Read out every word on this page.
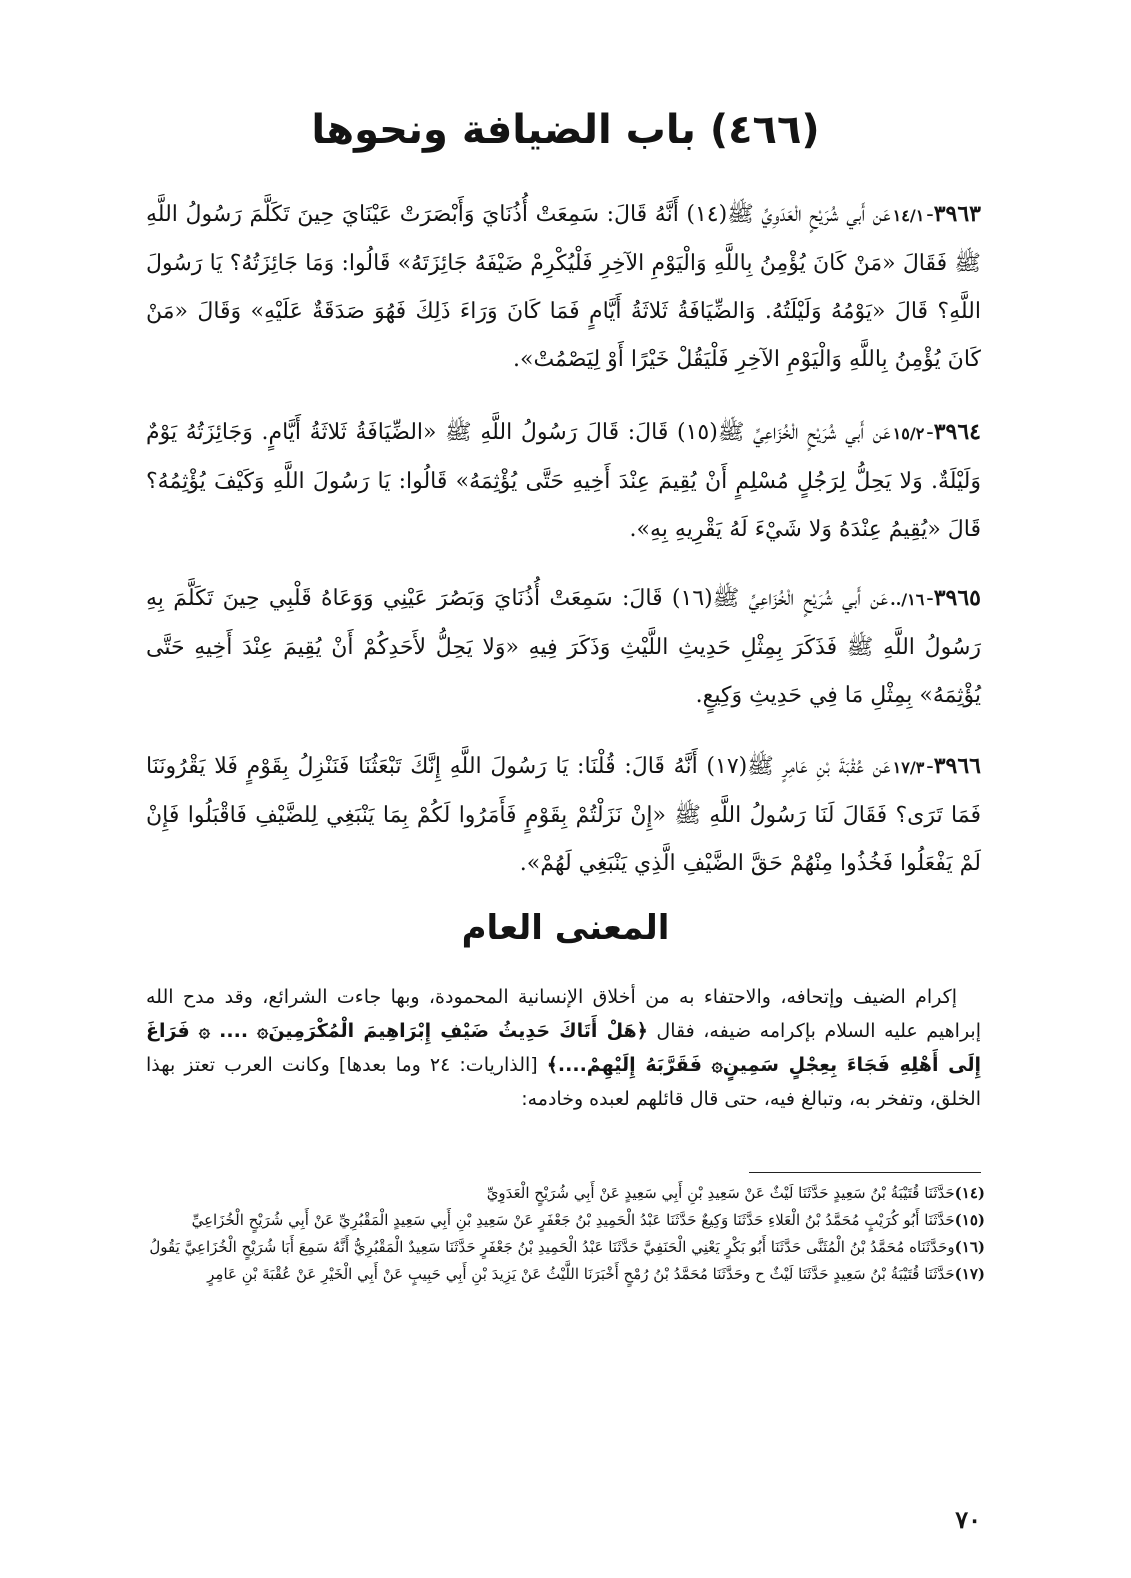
(٤٦٦) باب الضيافة ونحوها

٣٩٦٣-١٤/١عَن أَبي شُرَيْحٍ الْعَدَوِيِّ ﷺ(١٤) أَنَّهُ قَالَ: سَمِعَتْ أُذُنَايَ وَأَبْصَرَتْ عَيْنَايَ حِينَ تَكَلَّمَ رَسُولُ اللَّهِ ﷺ فَقَالَ «مَنْ كَانَ يُؤْمِنُ بِاللَّهِ وَالْيَوْمِ الآخِرِ فَلْيُكْرِمْ ضَيْفَهُ جَائِزَتَهُ» قَالُوا: وَمَا جَائِزَتُهُ؟ يَا رَسُولَ اللَّهِ؟ قَالَ «يَوْمُهُ وَلَيْلَتُهُ. وَالضِّيَافَةُ ثَلاثَةُ أَيَّامٍ فَمَا كَانَ وَرَاءَ ذَلِكَ فَهُوَ صَدَقَةٌ عَلَيْهِ» وَقَالَ «مَنْ كَانَ يُؤْمِنُ بِاللَّهِ وَالْيَوْمِ الآخِرِ فَلْيَقُلْ خَيْرًا أَوْ لِيَصْمُتْ».

٣٩٦٤-١٥/٢عَن أَبي شُرَيْحٍ الْخُزَاعِيِّ ﷺ(١٥) قَالَ: قَالَ رَسُولُ اللَّهِ ﷺ «الضِّيَافَةُ ثَلاثَةُ أَيَّامٍ. وَجَائِزَتُهُ يَوْمٌ وَلَيْلَةٌ. وَلا يَحِلُّ لِرَجُلٍ مُسْلِمٍ أَنْ يُقِيمَ عِنْدَ أَخِيهِ حَتَّى يُؤْثِمَهُ» قَالُوا: يَا رَسُولَ اللَّهِ وَكَيْفَ يُؤْثِمُهُ؟ قَالَ «يُقِيمُ عِنْدَهُ وَلا شَيْءَ لَهُ يَقْرِيهِ بِهِ».

٣٩٦٥-١٦/..عَن أَبي شُرَيْحٍ الْخُزَاعِيِّ ﷺ(١٦) قَالَ: سَمِعَتْ أُذُنَايَ وَبَصُرَ عَيْنِي وَوَعَاهُ قَلْبِي حِينَ تَكَلَّمَ بِهِ رَسُولُ اللَّهِ ﷺ فَذَكَرَ بِمِثْلِ حَدِيثِ اللَّيْثِ وَذَكَرَ فِيهِ «وَلا يَحِلُّ لأَحَدِكُمْ أَنْ يُقِيمَ عِنْدَ أَخِيهِ حَتَّى يُؤْثِمَهُ» بِمِثْلِ مَا فِي حَدِيثِ وَكِيعٍ.

٣٩٦٦-١٧/٣عَن عُقْبَةَ بْنِ عَامِرٍ ﷺ(١٧) أَنَّهُ قَالَ: قُلْنَا: يَا رَسُولَ اللَّهِ إِنَّكَ تَبْعَثُنَا فَنَنْزِلُ بِقَوْمٍ فَلا يَقْرُونَنَا فَمَا تَرَى؟ فَقَالَ لَنَا رَسُولُ اللَّهِ ﷺ «إِنْ نَزَلْتُمْ بِقَوْمٍ فَأَمَرُوا لَكُمْ بِمَا يَنْبَغِي لِلضَّيْفِ فَاقْبَلُوا فَإِنْ لَمْ يَفْعَلُوا فَخُذُوا مِنْهُمْ حَقَّ الضَّيْفِ الَّذِي يَنْبَغِي لَهُمْ».

المعنى العام

إكرام الضيف وإتحافه، والاحتفاء به من أخلاق الإنسانية المحمودة، وبها جاءت الشرائع، وقد مدح الله إبراهيم عليه السلام بإكرامه ضيفه، فقال ﴿هَلْ أَتَاكَ حَدِيثُ ضَيْفِ إِبْرَاهِيمَ الْمُكْرَمِينَ۞ .... ۞ فَرَاغَ إِلَى أَهْلِهِ فَجَاءَ بِعِجْلٍ سَمِينٍ۞ فَقَرَّبَهُ إِلَيْهِمْ....﴾ [الذاريات: ٢٤ وما بعدها] وكانت العرب تعتز بهذا الخلق، وتفخر به، وتبالغ فيه، حتى قال قائلهم لعبده وخادمه:

(١٤)حَدَّثَنَا قُتَيْبَةُ بْنُ سَعِيدٍ حَدَّثَنَا لَيْثٌ عَنْ سَعِيدِ بْنِ أَبِي سَعِيدٍ عَنْ أَبِي شُرَيْحٍ الْعَدَوِيِّ
(١٥)حَدَّثَنَا أَبُو كُرَيْبٍ مُحَمَّدُ بْنُ الْعَلاءِ حَدَّثَنَا وَكِيعٌ حَدَّثَنَا عَبْدُ الْحَمِيدِ بْنُ جَعْفَرٍ عَنْ سَعِيدِ بْنِ أَبِي سَعِيدٍ الْمَقْبُرِيِّ عَنْ أَبِي شُرَيْحٍ الْخُزَاعِيِّ
(١٦)وحَدَّثَنَاه مُحَمَّدُ بْنُ الْمُثَنَّى حَدَّثَنَا أَبُو بَكْرٍ يَعْنِي الْحَنَفِيَّ حَدَّثَنَا عَبْدُ الْحَمِيدِ بْنُ جَعْفَرٍ حَدَّثَنَا سَعِيدٌ الْمَقْبُرِيُّ أَنَّهُ سَمِعَ أَبَا شُرَيْحٍ الْخُزَاعِيَّ يَقُولُ
(١٧)حَدَّثَنَا قُتَيْبَةُ بْنُ سَعِيدٍ حَدَّثَنَا لَيْثٌ ح وحَدَّثَنَا مُحَمَّدُ بْنُ رُمْحٍ أَخْبَرَنَا اللَّيْثُ عَنْ يَزِيدَ بْنِ أَبِي حَبِيبٍ عَنْ أَبِي الْخَيْرِ عَنْ عُقْبَةَ بْنِ عَامِرٍ
٧٠
